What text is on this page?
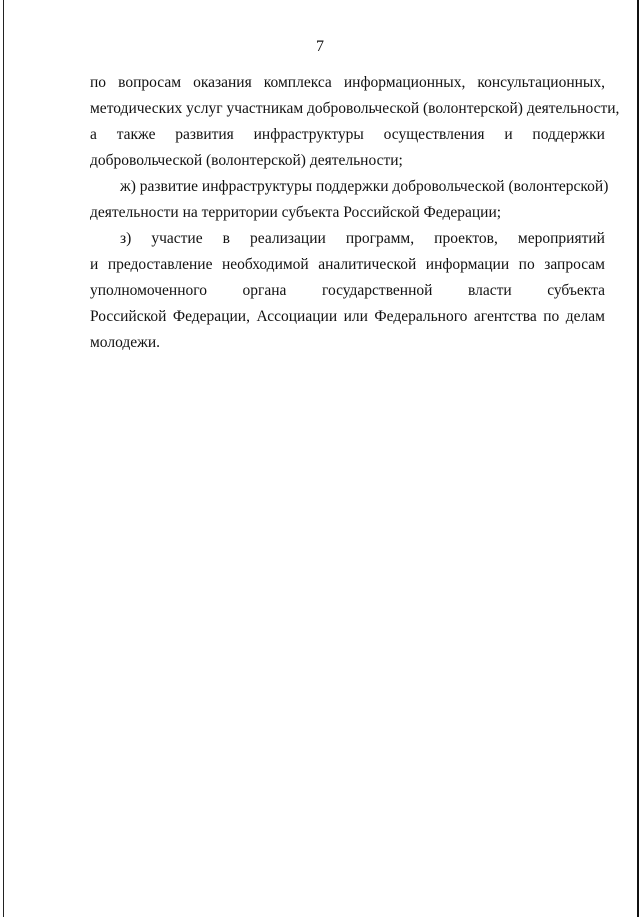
7
по вопросам оказания комплекса информационных, консультационных,
методических услуг участникам добровольческой (волонтерской) деятельности,
а также развития инфраструктуры осуществления и поддержки
добровольческой (волонтерской) деятельности;
ж) развитие инфраструктуры поддержки добровольческой (волонтерской)
деятельности на территории субъекта Российской Федерации;
з) участие в реализации программ, проектов, мероприятий
и предоставление необходимой аналитической информации по запросам
уполномоченного органа государственной власти субъекта
Российской Федерации, Ассоциации или Федерального агентства по делам
молодежи.
